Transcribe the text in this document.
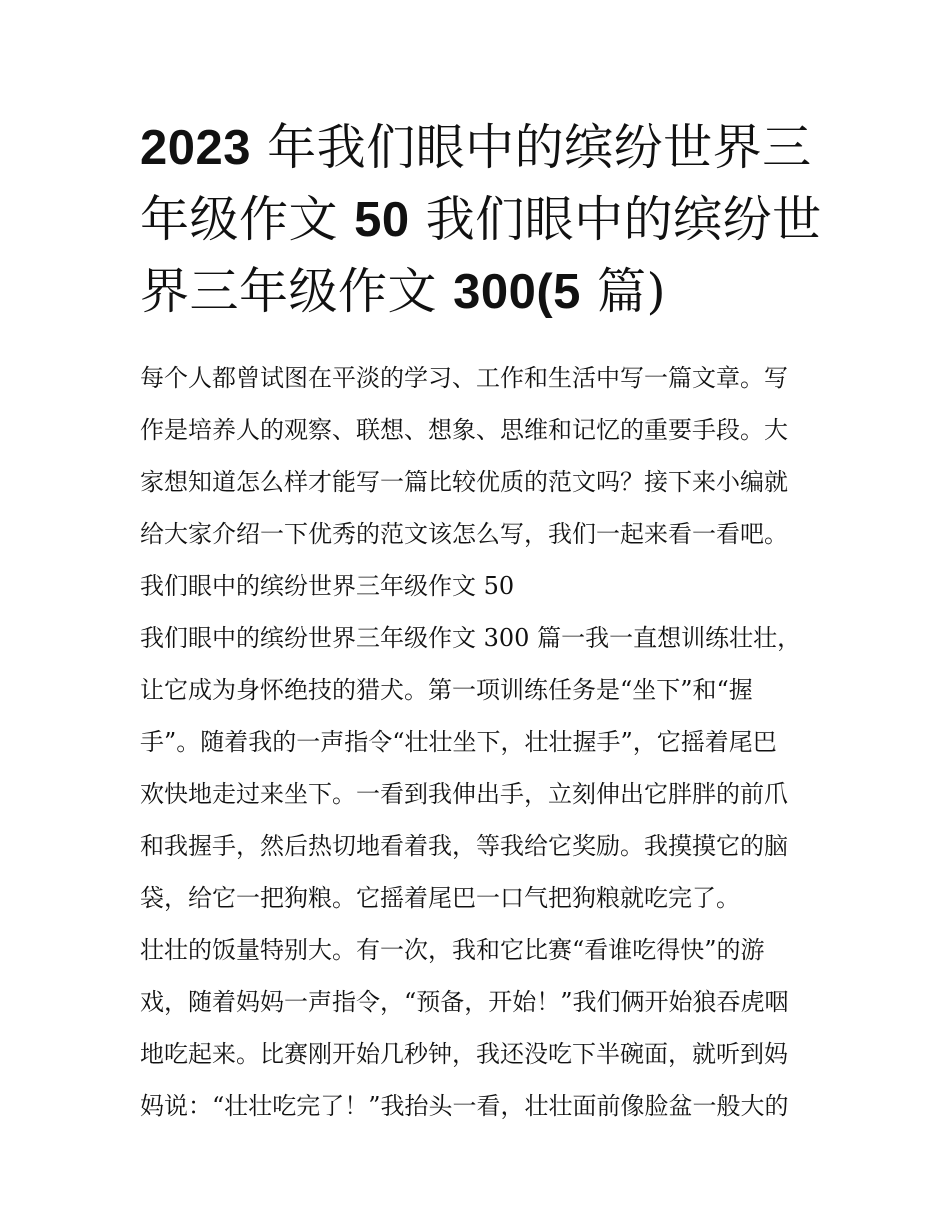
2023 年我们眼中的缤纷世界三
年级作文 50 我们眼中的缤纷世
界三年级作文 300(5 篇)
每个人都曾试图在平淡的学习、工作和生活中写一篇文章。写
作是培养人的观察、联想、想象、思维和记忆的重要手段。大
家想知道怎么样才能写一篇比较优质的范文吗？接下来小编就
给大家介绍一下优秀的范文该怎么写，我们一起来看一看吧。
我们眼中的缤纷世界三年级作文 50
我们眼中的缤纷世界三年级作文 300 篇一我一直想训练壮壮，
让它成为身怀绝技的猎犬。第一项训练任务是“坐下”和“握
手”。随着我的一声指令“壮壮坐下，壮壮握手”，它摇着尾巴
欢快地走过来坐下。一看到我伸出手，立刻伸出它胖胖的前爪
和我握手，然后热切地看着我，等我给它奖励。我摸摸它的脑
袋，给它一把狗粮。它摇着尾巴一口气把狗粮就吃完了。
壮壮的饭量特别大。有一次，我和它比赛“看谁吃得快”的游
戏，随着妈妈一声指令，“预备，开始！”我们俩开始狼吞虎咽
地吃起来。比赛刚开始几秒钟，我还没吃下半碗面，就听到妈
妈说：“壮壮吃完了！”我抬头一看，壮壮面前像脸盆一般大的
